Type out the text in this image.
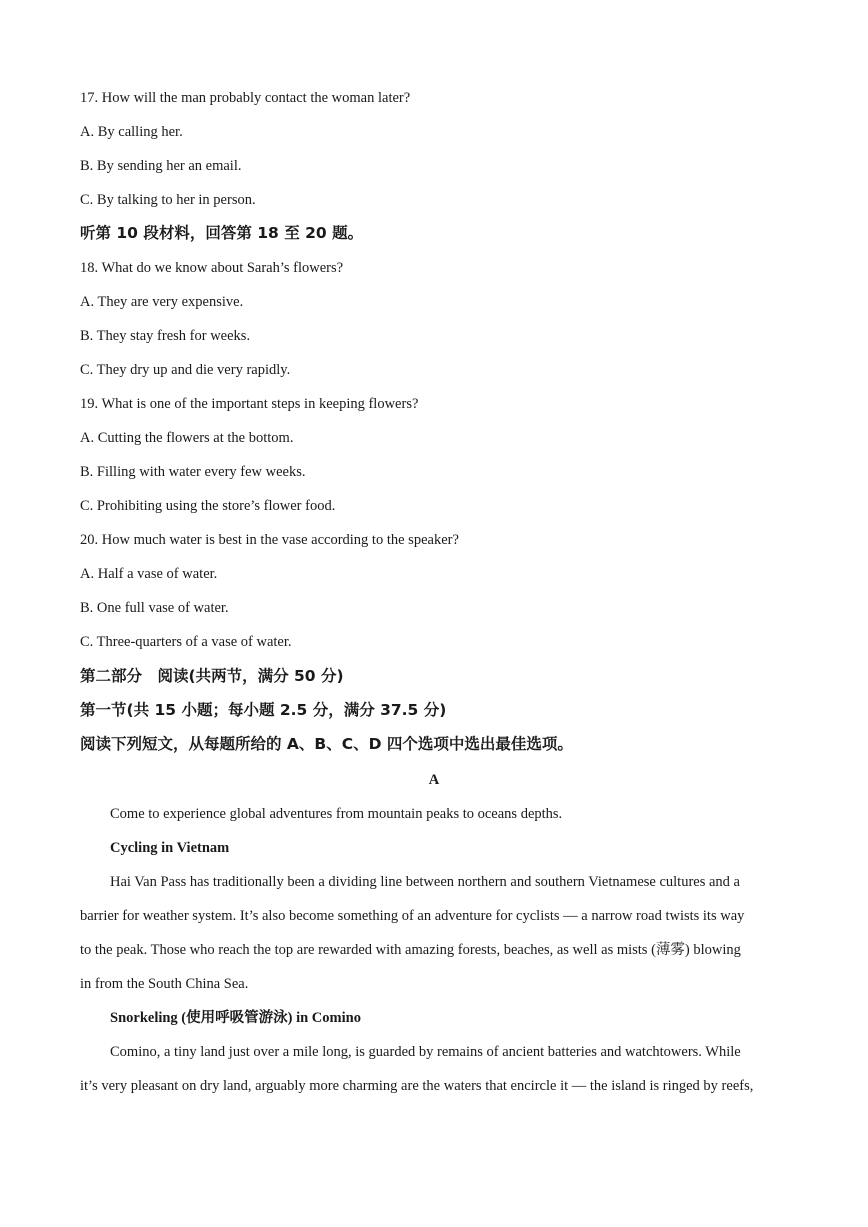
17. How will the man probably contact the woman later?
A. By calling her.
B. By sending her an email.
C. By talking to her in person.
听第 10 段材料，回答第 18 至 20 题。
18. What do we know about Sarah’s flowers?
A. They are very expensive.
B. They stay fresh for weeks.
C. They dry up and die very rapidly.
19. What is one of the important steps in keeping flowers?
A. Cutting the flowers at the bottom.
B. Filling with water every few weeks.
C. Prohibiting using the store’s flower food.
20. How much water is best in the vase according to the speaker?
A. Half a vase of water.
B. One full vase of water.
C. Three-quarters of a vase of water.
第二部分　阅读(共两节，满分 50 分)
第一节(共 15 小题；每小题 2.5 分，满分 37.5 分)
阅读下列短文，从每题所给的 A、B、C、D 四个选项中选出最佳选项。
A
Come to experience global adventures from mountain peaks to oceans depths.
Cycling in Vietnam
Hai Van Pass has traditionally been a dividing line between northern and southern Vietnamese cultures and a
barrier for weather system. It’s also become something of an adventure for cyclists — a narrow road twists its way
to the peak. Those who reach the top are rewarded with amazing forests, beaches, as well as mists (薄雾) blowing
in from the South China Sea.
Snorkeling (使用呼吸管游泳) in Comino
Comino, a tiny land just over a mile long, is guarded by remains of ancient batteries and watchtowers. While
it’s very pleasant on dry land, arguably more charming are the waters that encircle it — the island is ringed by reefs,
